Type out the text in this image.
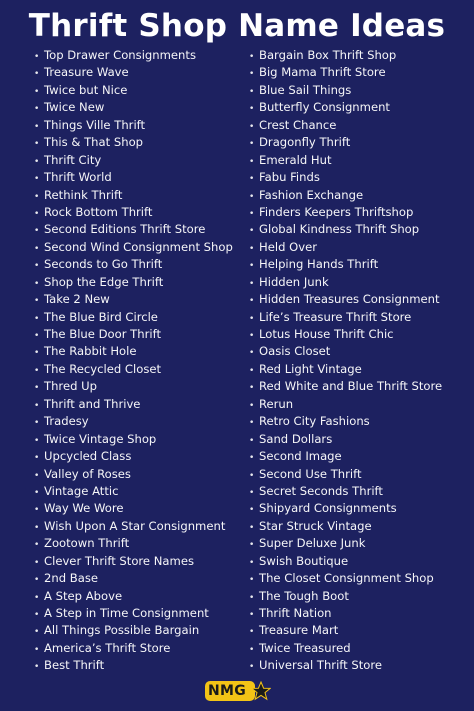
Thrift Shop Name Ideas
• Top Drawer Consignments
• Treasure Wave
• Twice but Nice
• Twice New
• Things Ville Thrift
• This & That Shop
• Thrift City
• Thrift World
• Rethink Thrift
• Rock Bottom Thrift
• Second Editions Thrift Store
• Second Wind Consignment Shop
• Seconds to Go Thrift
• Shop the Edge Thrift
• Take 2 New
• The Blue Bird Circle
• The Blue Door Thrift
• The Rabbit Hole
• The Recycled Closet
• Thred Up
• Thrift and Thrive
• Tradesy
• Twice Vintage Shop
• Upcycled Class
• Valley of Roses
• Vintage Attic
• Way We Wore
• Wish Upon A Star Consignment
• Zootown Thrift
• Clever Thrift Store Names
• 2nd Base
• A Step Above
• A Step in Time Consignment
• All Things Possible Bargain
• America’s Thrift Store
• Best Thrift
• Bargain Box Thrift Shop
• Big Mama Thrift Store
• Blue Sail Things
• Butterfly Consignment
• Crest Chance
• Dragonfly Thrift
• Emerald Hut
• Fabu Finds
• Fashion Exchange
• Finders Keepers Thriftshop
• Global Kindness Thrift Shop
• Held Over
• Helping Hands Thrift
• Hidden Junk
• Hidden Treasures Consignment
• Life’s Treasure Thrift Store
• Lotus House Thrift Chic
• Oasis Closet
• Red Light Vintage
• Red White and Blue Thrift Store
• Rerun
• Retro City Fashions
• Sand Dollars
• Second Image
• Second Use Thrift
• Secret Seconds Thrift
• Shipyard Consignments
• Star Struck Vintage
• Super Deluxe Junk
• Swish Boutique
• The Closet Consignment Shop
• The Tough Boot
• Thrift Nation
• Treasure Mart
• Twice Treasured
• Universal Thrift Store
NMG
